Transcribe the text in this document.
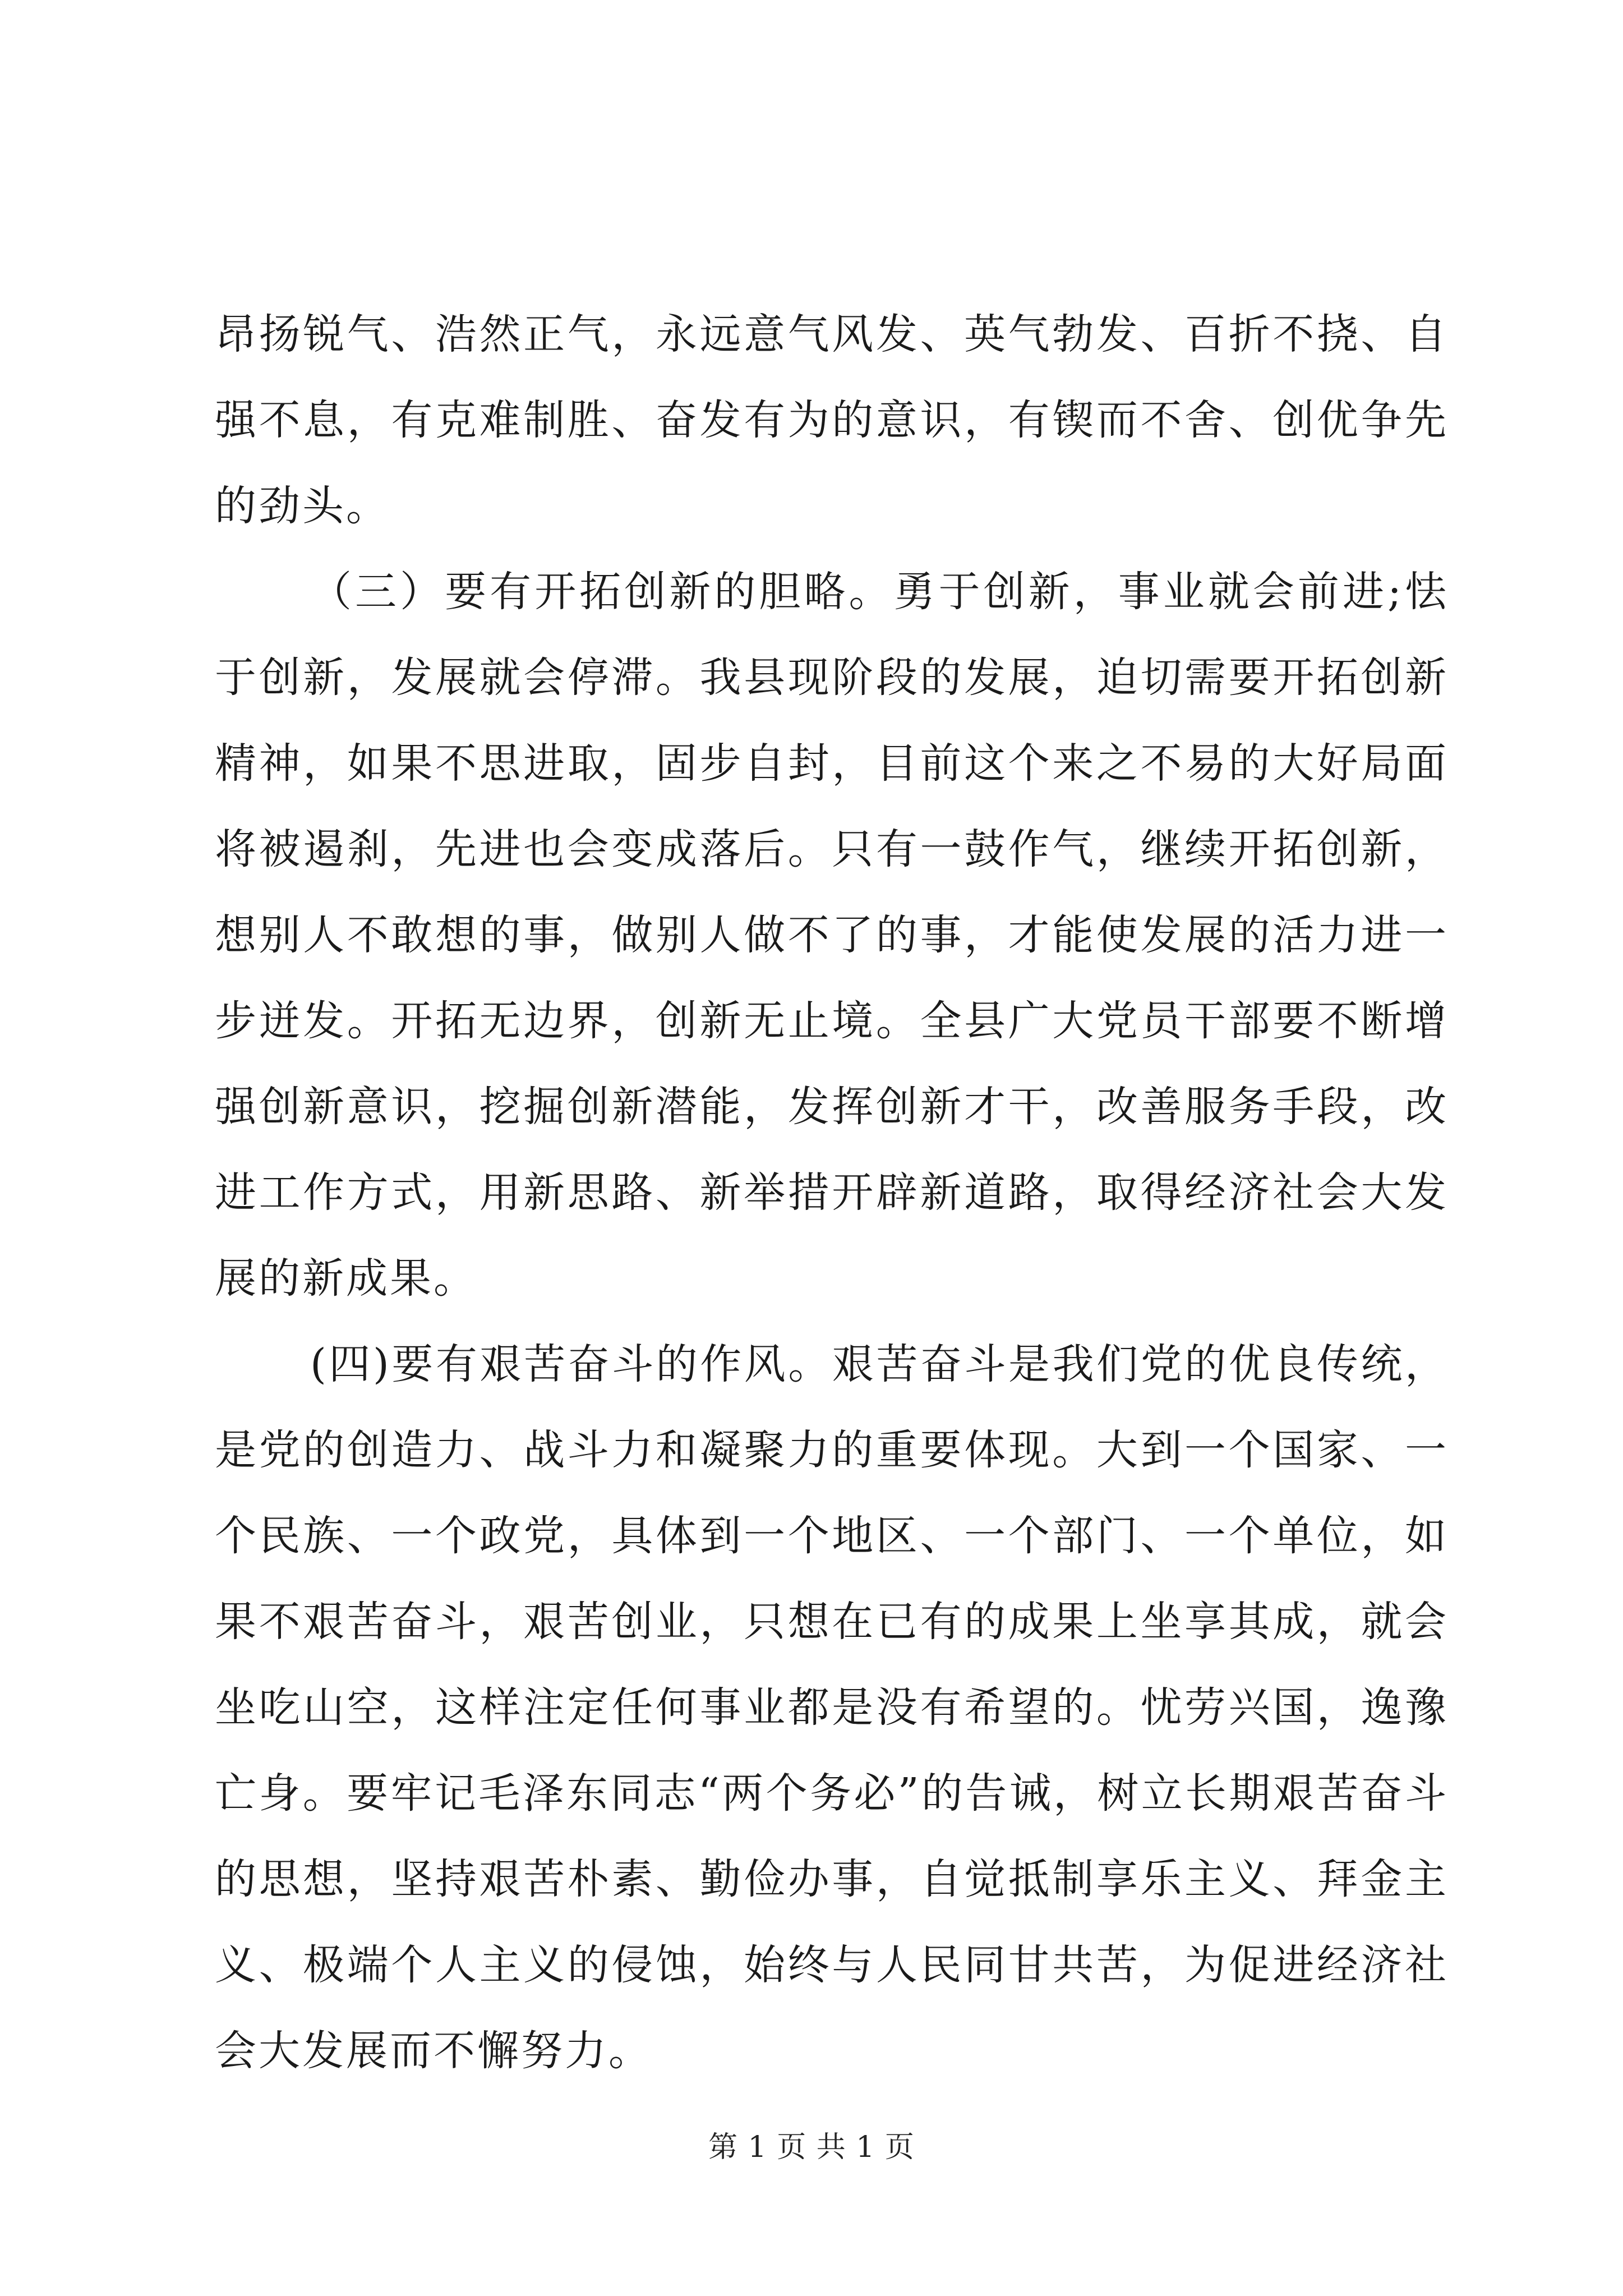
昂扬锐气、浩然正气，永远意气风发、英气勃发、百折不挠、自强不息，有克难制胜、奋发有为的意识，有锲而不舍、创优争先的劲头。

（三）要有开拓创新的胆略。勇于创新，事业就会前进;怯于创新，发展就会停滞。我县现阶段的发展，迫切需要开拓创新精神，如果不思进取，固步自封，目前这个来之不易的大好局面将被遏刹，先进也会变成落后。只有一鼓作气，继续开拓创新，想别人不敢想的事，做别人做不了的事，才能使发展的活力进一步迸发。开拓无边界，创新无止境。全县广大党员干部要不断增强创新意识，挖掘创新潜能，发挥创新才干，改善服务手段，改进工作方式，用新思路、新举措开辟新道路，取得经济社会大发展的新成果。

(四)要有艰苦奋斗的作风。艰苦奋斗是我们党的优良传统，是党的创造力、战斗力和凝聚力的重要体现。大到一个国家、一个民族、一个政党，具体到一个地区、一个部门、一个单位，如果不艰苦奋斗，艰苦创业，只想在已有的成果上坐享其成，就会坐吃山空，这样注定任何事业都是没有希望的。忧劳兴国，逸豫亡身。要牢记毛泽东同志“两个务必”的告诫，树立长期艰苦奋斗的思想，坚持艰苦朴素、勤俭办事，自觉抵制享乐主义、拜金主义、极端个人主义的侵蚀，始终与人民同甘共苦，为促进经济社会大发展而不懈努力。

第 1 页 共 1 页
